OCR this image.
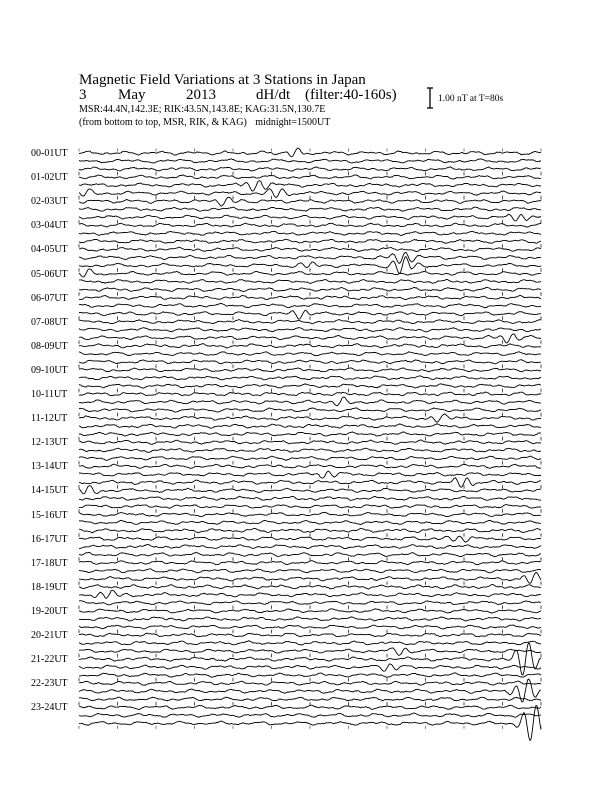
Magnetic Field Variations at 3 Stations in Japan
3 May	2013	dH/dt (filter:40-160s)
MSR:44.4N,142.3E; RIK:43.5N,143.8E; KAG:31.5N,130.7E
(from bottom to top, MSR, RIK, & KAG) midnight=1500UT
1.00 nT at T=80s
00-01UT
01-02UT
02-03UT
03-04UT
04-05UT
05-06UT
06-07UT
07-08UT
08-09UT
09-10UT
10-11UT
11-12UT
12-13UT
13-14UT
14-15UT
15-16UT
16-17UT
17-18UT
18-19UT
19-20UT
20-21UT
21-22UT
22-23UT
23-24UT
